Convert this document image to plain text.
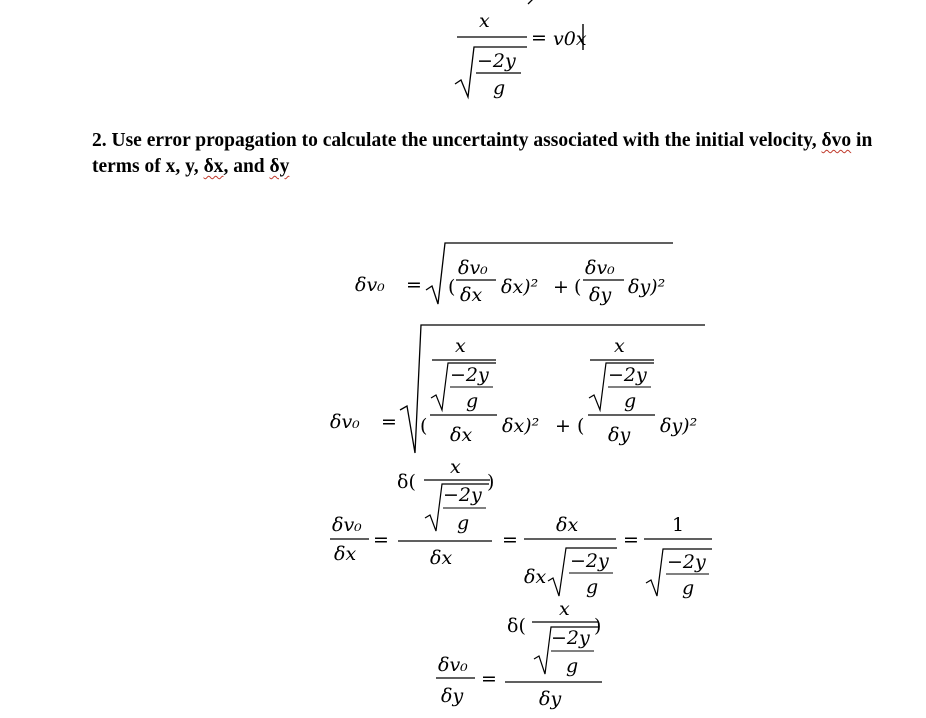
x
−2y
g
= v0x
2. Use error propagation to calculate the uncertainty associated with the initial velocity, δvo in terms of x, y, δx, and δy
δv₀ = (
δv₀
δx δx)² + (
δv₀
δy δy)²
δv₀ = (
x
−2y
g
δx δx)² + (
x
−2y
g
δy δy)²
δv₀
δx
=
δ(
x
)
−2y
g
δx
=
δx
δx
−2y
g
=
1
−2y
g
δ(
x
)
−2y
g
δv₀
δy
=
δy
